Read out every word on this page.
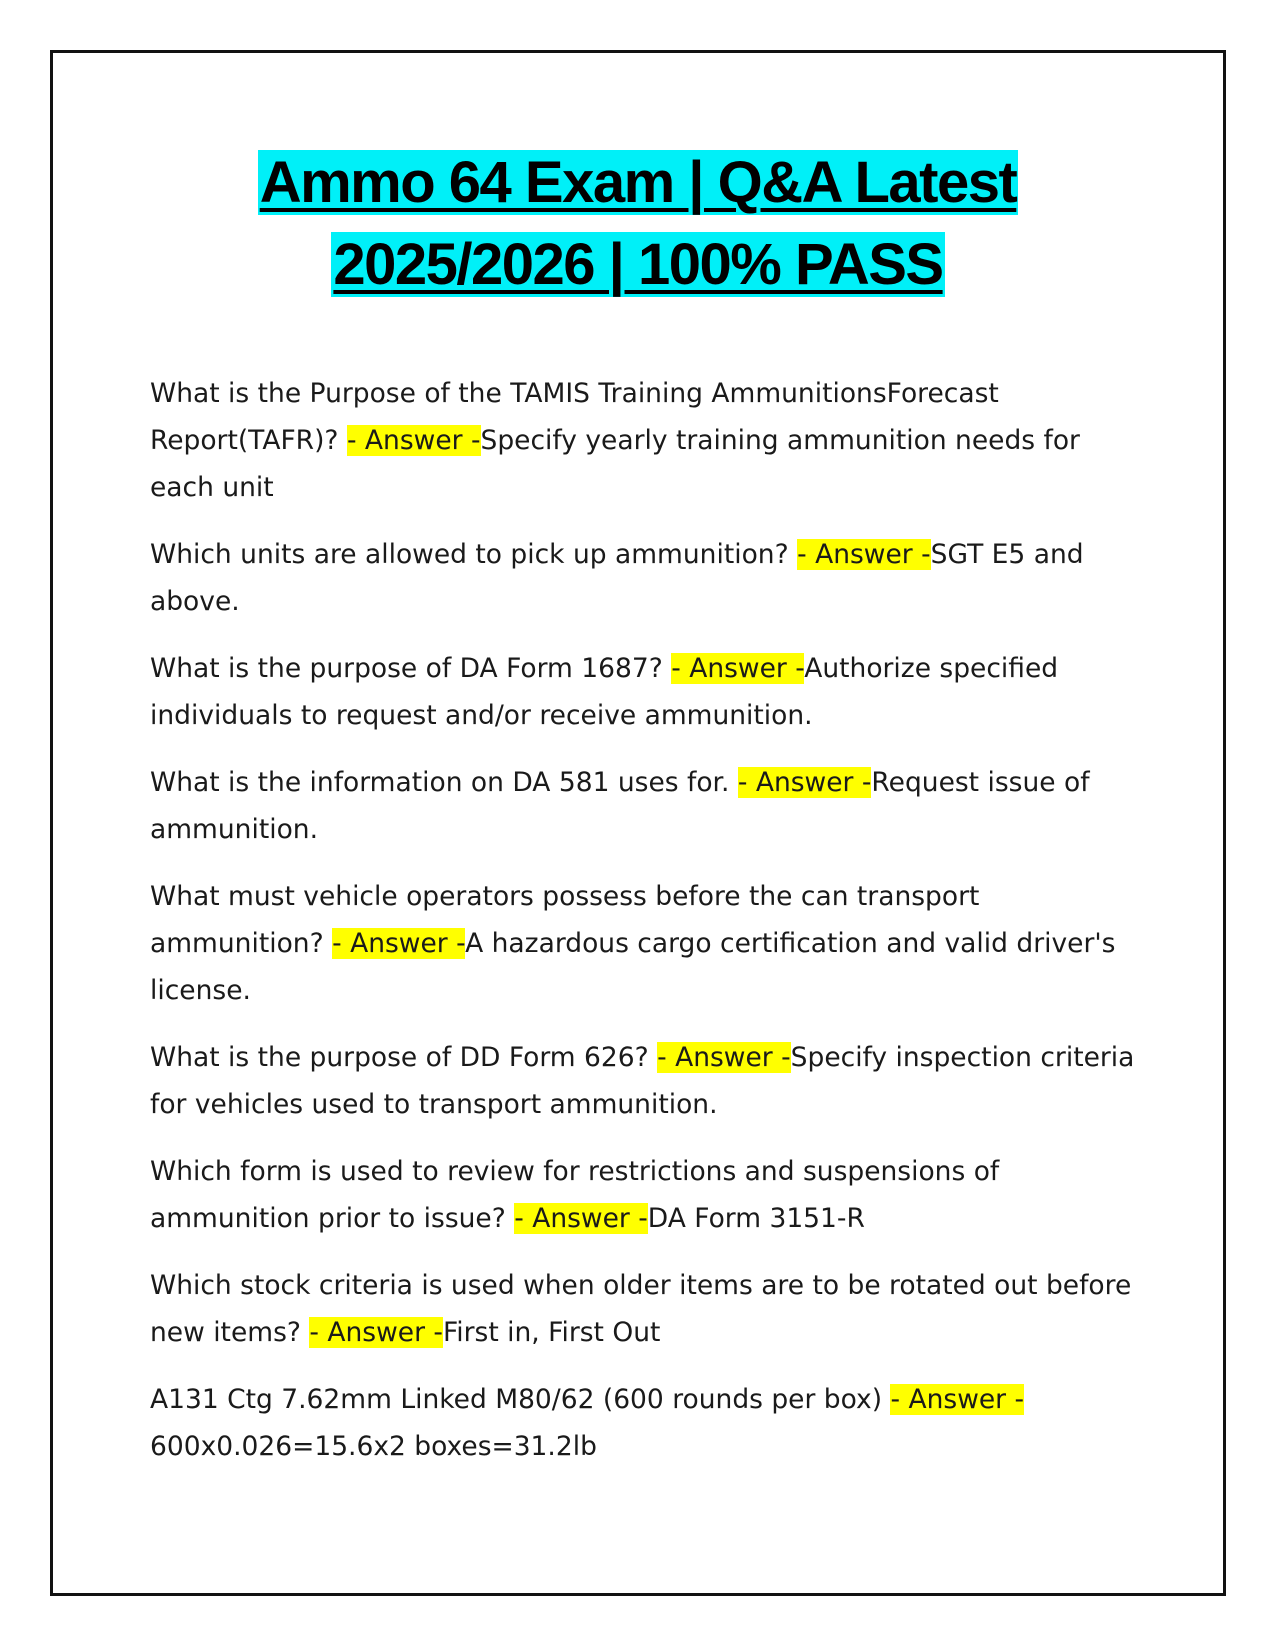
Ammo 64 Exam | Q&A Latest
2025/2026 | 100% PASS

What is the Purpose of the TAMIS Training AmmunitionsForecast Report(TAFR)? - Answer -Specify yearly training ammunition needs for each unit

Which units are allowed to pick up ammunition? - Answer -SGT E5 and above.

What is the purpose of DA Form 1687? - Answer -Authorize specified individuals to request and/or receive ammunition.

What is the information on DA 581 uses for. - Answer -Request issue of ammunition.

What must vehicle operators possess before the can transport ammunition? - Answer -A hazardous cargo certification and valid driver's license.

What is the purpose of DD Form 626? - Answer -Specify inspection criteria for vehicles used to transport ammunition.

Which form is used to review for restrictions and suspensions of ammunition prior to issue? - Answer -DA Form 3151-R

Which stock criteria is used when older items are to be rotated out before new items? - Answer -First in, First Out

A131 Ctg 7.62mm Linked M80/62 (600 rounds per box) - Answer -
600x0.026=15.6x2 boxes=31.2lb
